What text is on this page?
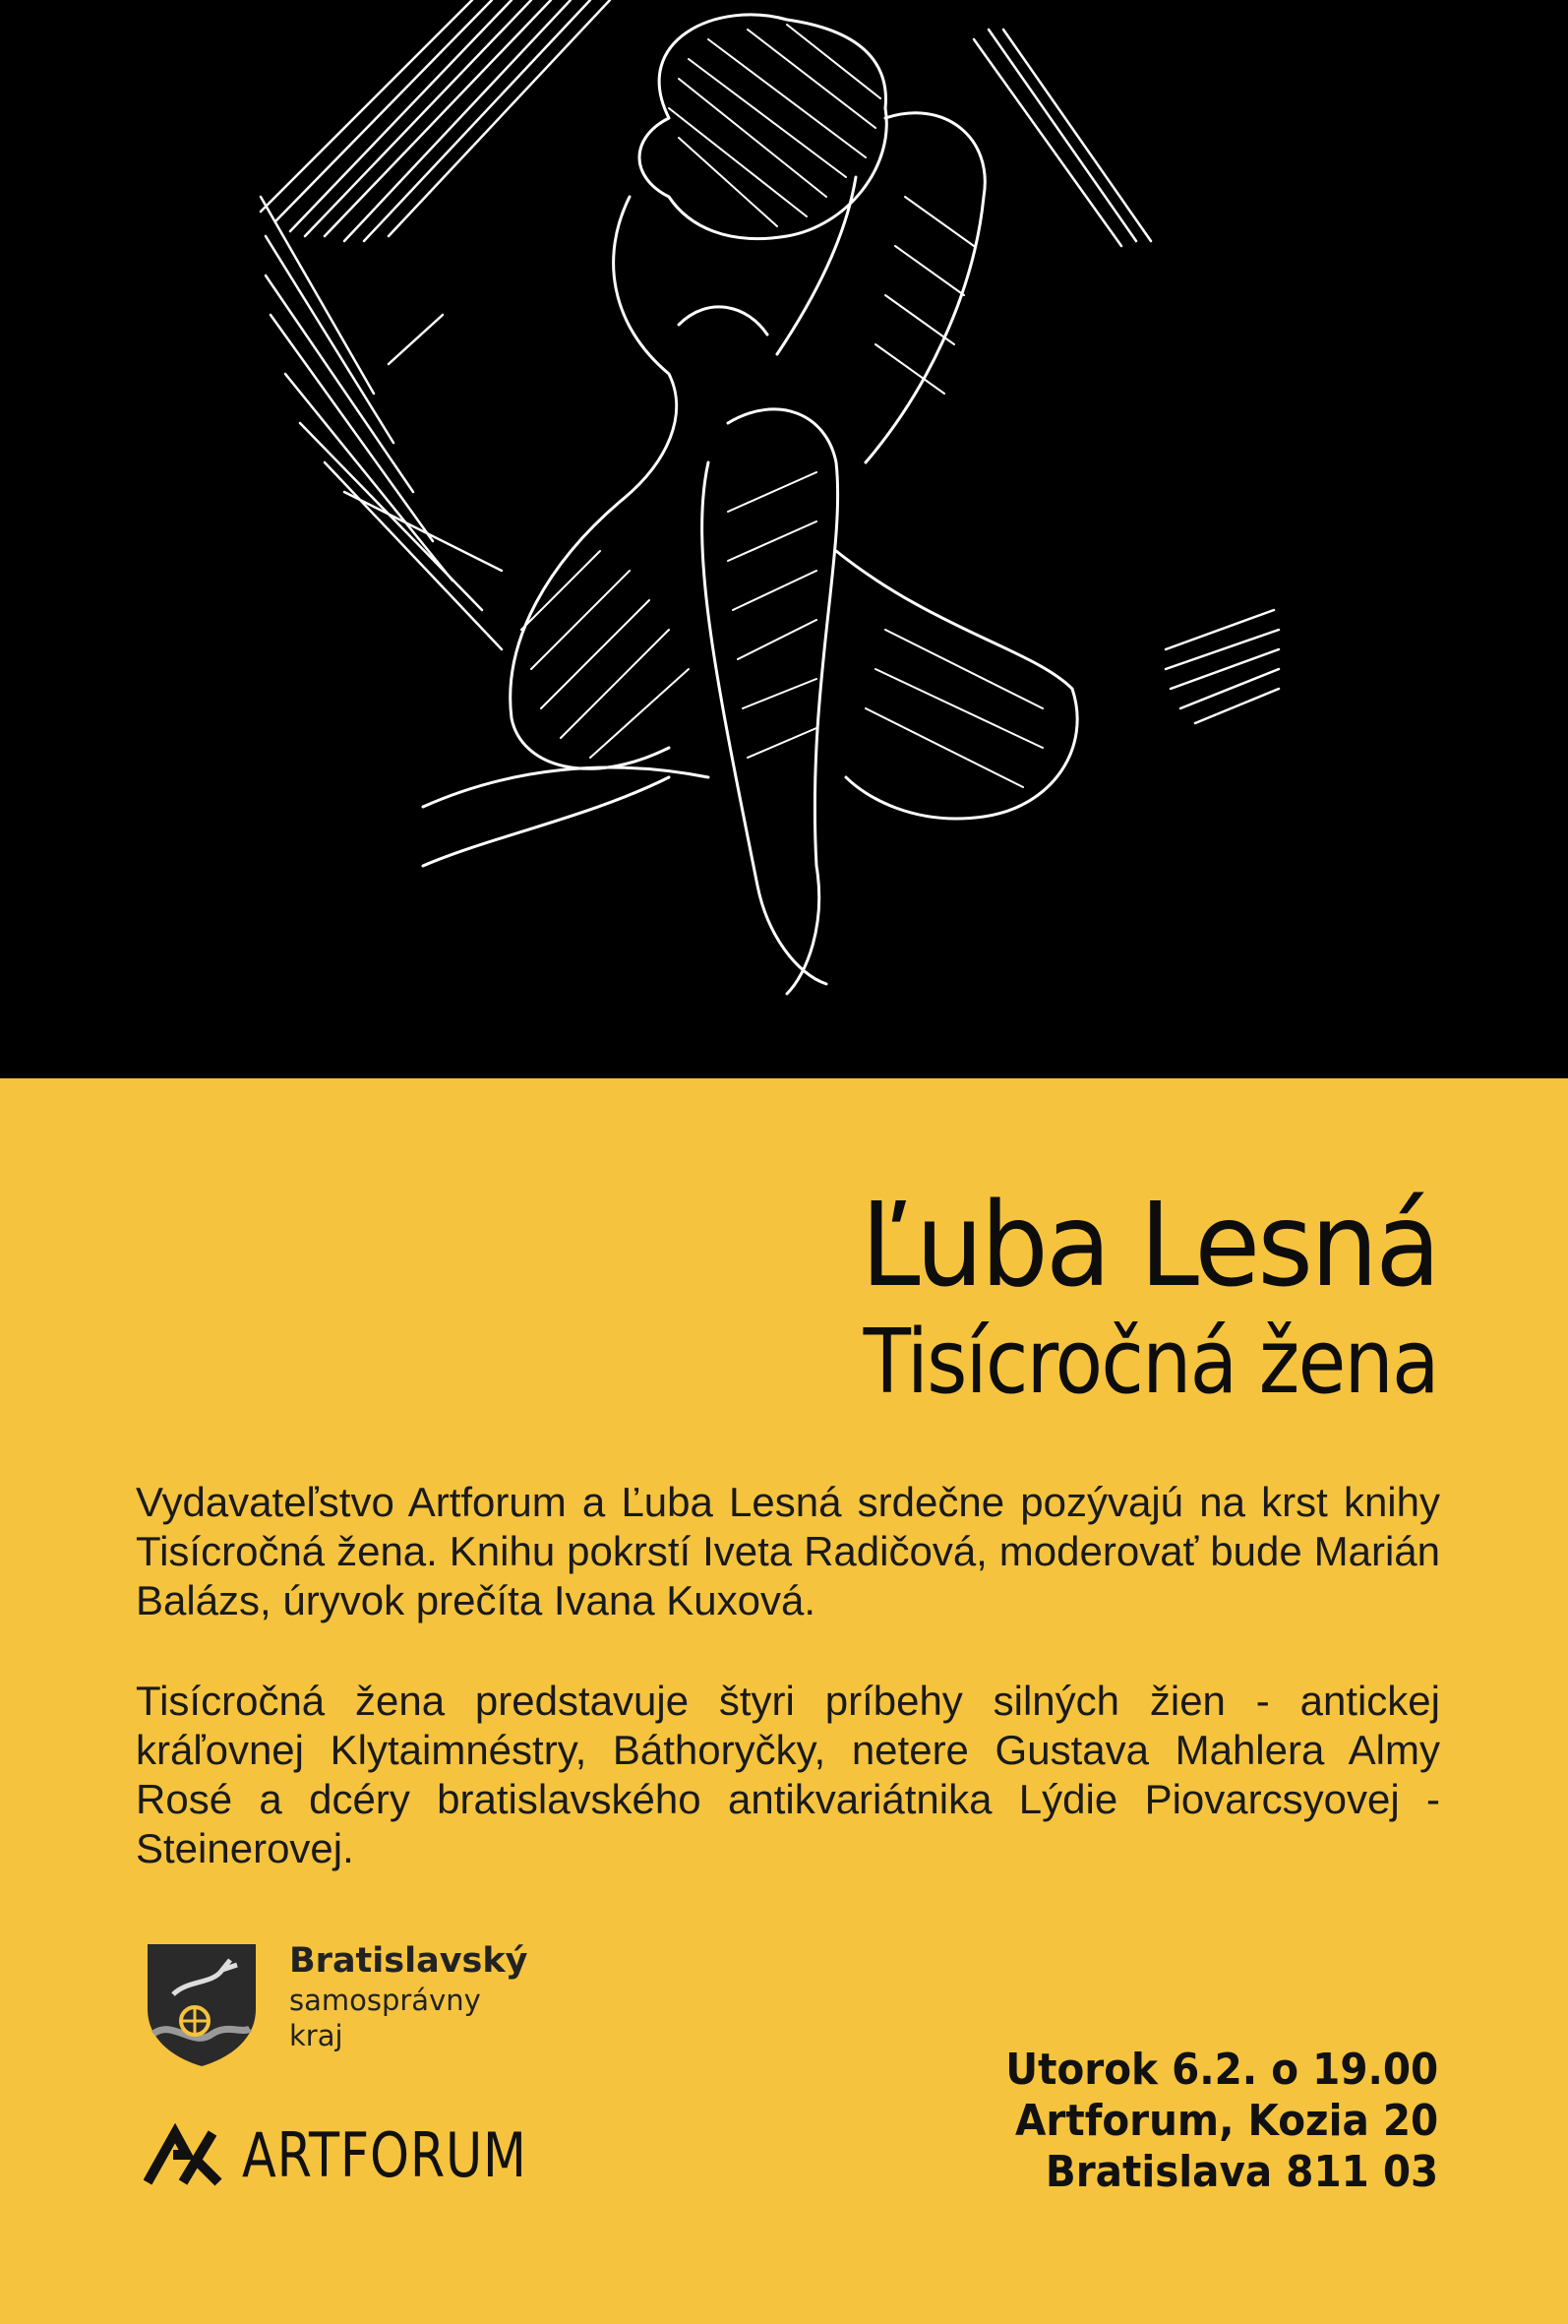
Ľuba Lesná
Tisícročná žena

Vydavateľstvo Artforum a Ľuba Lesná srdečne pozývajú na krst knihy Tisícročná žena. Knihu pokrstí Iveta Radičová, moderovať bude Marián Balázs, úryvok prečíta Ivana Kuxová.

Tisícročná žena predstavuje štyri príbehy silných žien - antickej kráľovnej Klytaimnéstry, Báthoryčky, netere Gustava Mahlera Almy Rosé a dcéry bratislavského antikvariátnika Lýdie Piovarcsyovej - Steinerovej.

Bratislavský
samosprávny
kraj
ARTFORUM
Utorok 6.2. o 19.00
Artforum, Kozia 20
Bratislava 811 03
